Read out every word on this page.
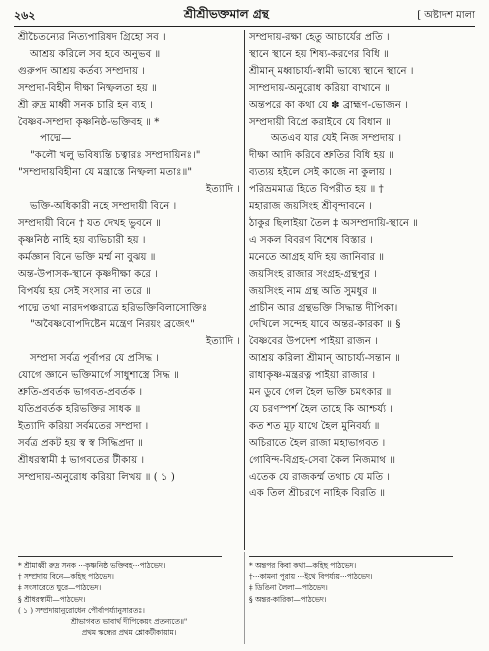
২৬২	শ্রীশ্রীভক্তমাল গ্রন্থ	[ অষ্টাদশ মালা
শ্রীচৈতন্যের নিত্যপারিষদ গ্রিহো সব ।
আশ্রয় করিলে সব হবে অনুভব ॥
গুরুপদ আশ্রয় কর্তব্য সম্প্রদায় ।
সম্প্রদা-বিহীন দীক্ষা নিষ্ফলতা হয় ॥
শ্রী রুদ্র মাধ্বী সনক চারি হন ব্যহ ।
বৈষ্ণব-সম্প্রদা কৃষ্ণনিষ্ঠ-ভক্তিবহ ॥ *
পাদ্মে—
"কলৌ খলু ভবিষ্যন্তি চত্বারঃ সম্প্রদায়িনঃ।"
"সম্প্রদায়বিহীনা যে মন্ত্রাস্তে নিষ্ফলা মতাঃ॥"
ইত্যাদি ।
ভক্তি-অধিকারী নহে সম্প্রদায়ী বিনে ।
সম্প্রদায়ী বিনে † যত দেখহ ভুবনে ॥
কৃষ্ণনিষ্ঠ নাহি হয় ব্যভিচারী হয় ।
কর্মজ্ঞান বিনে ভক্তি মর্ম্ম না বুঝয় ॥
অন্ত-উপাসক-স্থানে কৃষ্ণদীক্ষা করে ।
বিপর্যয় হয় সেই সংসার না তরে ॥
পাদ্মে তথা নারদপঞ্চরাত্রে হরিভক্তিবিলাসোক্তিঃ
"অবৈষ্ণবোপদিষ্টেন মন্ত্রেণ নিরয়ং ব্রজেৎ"
ইত্যাদি ।
সম্প্রদা সর্বত্র পূর্বাপর যে প্রসিদ্ধ ।
যোগে জ্ঞানে ভক্তিমার্গে সাধুশাস্ত্রে সিদ্ধ ॥
শ্রুতি-প্রবর্তক ভাগবত-প্রবর্তক ।
যতিপ্রবর্তক হরিভক্তির সাধক ॥
ইত্যাদি করিয়া সর্বমতের সম্প্রদা ।
সর্বত্র প্রকট হয় স্ব স্ব সিদ্ধিপ্রদা ॥
শ্রীধরস্বামী ‡ ভাগবতের টীকায় ।
সম্প্রদায়-অনুরোধ করিয়া লিখয় ॥ ( ১ )
সম্প্রদায়-রক্ষা হেতু আচার্যের প্রতি ।
স্থানে স্থানে হয় শিষ্য-করণের বিধি ॥
শ্রীমান্ মধ্বাচার্য্য-স্বামী ভাষ্যে স্থানে স্থানে ।
সাম্প্রদায়-অনুরোধ করিয়া বাখানে ॥
অন্তপরে কা কথা যে ✽ ব্রাহ্মণ-ভোজন ।
সম্প্রদায়ী বিপ্রে করাইবে যে বিধান ॥
অতএব যার যেই নিজ সম্প্রদায় ।
দীক্ষা আদি করিবে শ্রুতির বিধি হয় ॥
ব্যত্যয় হইলে সেই কাজে না কুলায় ।
পরিভ্রমমাত্র হিতে বিপরীত হয় ॥ †
মহারাজ জয়সিংহ শ্রীবৃন্দাবনে ।
ঠাকুর ছিলাইয়া তৈল ‡ অসম্প্রদায়ি-স্থানে ॥
এ সকল বিবরণ বিশেষ বিস্তার ।
মনেতে আগ্রহ যদি হয় জানিবার ॥
জয়সিংহ রাজার সংগ্রহ-গ্রন্থপুর ।
জয়সিংহ নাম গ্রন্থ অতি সুমধুর ॥
প্রাচীন আর গ্রন্থভক্তি সিদ্ধান্ত দীপিকা।
দেখিলে সন্দেহ যাবে অন্তর-কারকা ॥ §
বৈষ্ণবের উপদেশ পাইয়া রাজন ।
আশ্রয় করিলা শ্রীমান্ আচার্য্য-সন্তান ॥
রাধাকৃষ্ণ-মন্ত্ররত্ন পাইয়া রাজার ।
মন ডুবে গেল হৈল ভক্তি চমৎকার ॥
যে চরণস্পর্শ হৈল তাহে কি আশ্চর্য্য ।
কত শত মূঢ় যাথে হৈল মুনিবর্য্য ॥
অচিরাতে হৈল রাজা মহাভাগবত ।
গোবিন্দ-বিগ্রহ-সেবা কৈল নিজমাথ ॥
এতেক যে রাজকর্ম্ম তথাচ যে মতি ।
এক তিল শ্রীচরণে নাহিক বিরতি ॥
* শ্রীমাধ্বী রুদ্র সনক ···কৃষ্ণনিষ্ঠ ভক্তিবহ···পাঠভেদ।
† সম্প্রদায় বিনে—কহিছ পাঠভেদ।
‡ সংসারেতে ঘুরে—পাঠভেদ।
§ শ্রীধরস্বামী—পাঠভেদ।
( ১ ) সম্প্রদায়ানুরোধেন পৌর্বাপর্য্যানুসারতঃ।
শ্রীভাগবত ভাবার্থ দীপিকেয়ং প্রতন্যতে॥"
প্রথম স্কন্ধের প্রথম শ্লোকটীকায়াম।
* অন্তপর কিবা কথা—কহিছ পাঠভেদ।
†···কামনা পুরায় ···ইথে বিপর্য্যয়···পাঠভেদ।
‡ ডিঙিনা লৈলা—পাঠভেদ।
§ অন্তর-কারিকা—পাঠভেদ।
